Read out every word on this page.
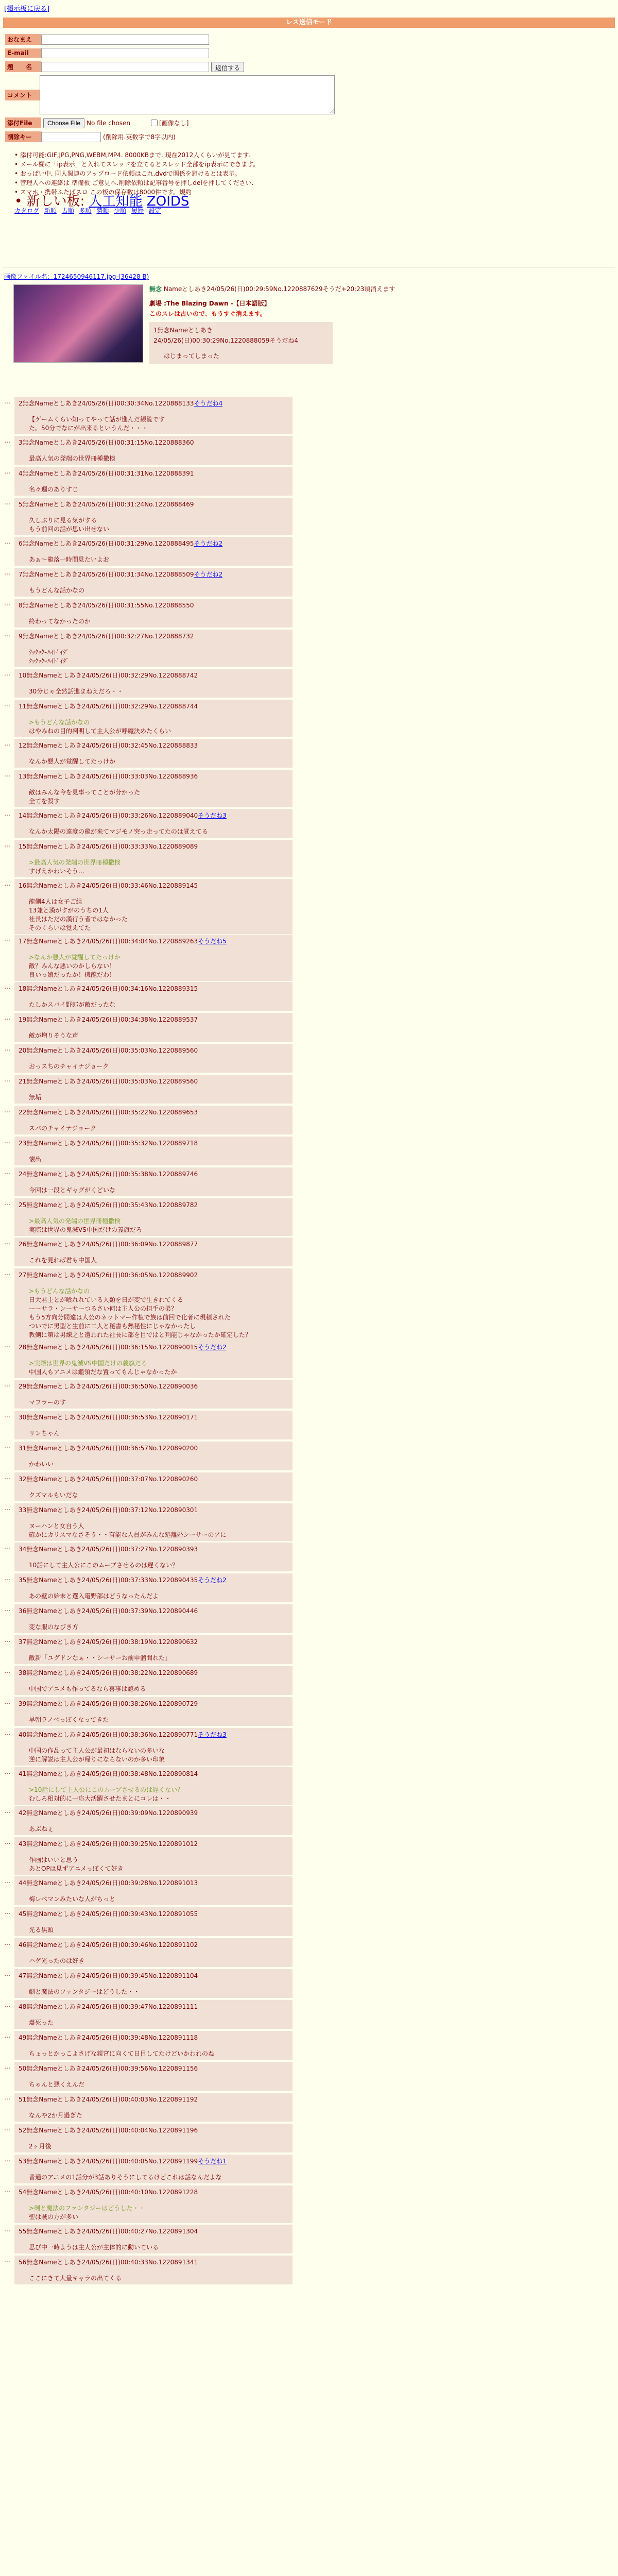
[掲示板に戻る]
レス送信モード
おなまえ
E-mail
題　　名	返信する
コメント
添付File	Choose File	No file chosen	[画像なし]
削除キー	(削除用.英数字で8字以内)
• 添付可能:GIF,JPG,PNG,WEBM,MP4. 8000KBまで. 現在2012人くらいが見てます.
• メール欄に「ip表示」と入れてスレッドを立てるとスレッド全部をip表示にできます。
• おっぱい中. 同人関連のアップロード依頼はこれ.dvdで関係を避けるとは表示。
• 管理人への連絡は 準備板 ご意見へ.削除依頼は記事番号を押しdelを押してください.
• スマホ・携帯ふたばスロ この板の保存数は8000件です。規約
• 新しい板: 人工知能 ZOIDS
カタログ 新順 古順 多順 勢順 少順 履歴 設定
画像ファイル名：1724650946117.jpg-(36428 B)
無念 Nameとしあき24/05/26(日)00:29:59No.1220887629そうだ+20:23頃消えます
劇場 :The Blazing Dawn -【日本語版】
このスレは古いので、もうすぐ消えます。
1無念Nameとしあき24/05/26(日)00:30:29No.1220888059そうだね4
はじまってしまった
… 2無念Nameとしあき24/05/26(日)00:30:34No.1220888133そうだね4
【ゲームくらい知ってやって話が進んだ観覧です
た。50分でなにが出来るというんだ・・・
… 3無念Nameとしあき24/05/26(日)00:31:15No.1220888360
最高人気の発端の世界冊種撒検
… 4無念Nameとしあき24/05/26(日)00:31:31No.1220888391
名々週のありすじ
… 5無念Nameとしあき24/05/26(日)00:31:24No.1220888469
久しぶりに見る気がする
もう前回の話が思い出せない
… 6無念Nameとしあき24/05/26(日)00:31:29No.1220888495そうだね2
あぁ〜龍落一時間見たいよお
… 7無念Nameとしあき24/05/26(日)00:31:34No.1220888509そうだね2
もうどんな話かなの
… 8無念Nameとしあき24/05/26(日)00:31:55No.1220888550
終わってなかったのか
… 9無念Nameとしあき24/05/26(日)00:32:27No.1220888732
ｸｯｸｯｸｰﾊｲﾄﾞｲﾀﾞ
ｸｯｸｯｸｰﾊｲﾄﾞｲﾀﾞ
… 10無念Nameとしあき24/05/26(日)00:32:29No.1220888742
30分じゃ全然話進まねえだろ・・
… 11無念Nameとしあき24/05/26(日)00:32:29No.1220888744
>もうどんな話かなの
はやみねの目的判明して主人公が呼魔決めたくらい
… 12無念Nameとしあき24/05/26(日)00:32:45No.1220888833
なんか悪人が覚醒してたっけか
… 13無念Nameとしあき24/05/26(日)00:33:03No.1220888936
敵はみんな今を見事ってことが分かった
全てを殺す
… 14無念Nameとしあき24/05/26(日)00:33:26No.1220889040そうだね3
なんか太陽の遠度の龍が来てマジモノ突っ走ってたのは覚えてる
… 15無念Nameとしあき24/05/26(日)00:33:33No.1220889089
>最高人気の発端の世界冊種撒検
すげえかわいそう…
… 16無念Nameとしあき24/05/26(日)00:33:46No.1220889145
龍側4人は女子ご組
13兼と漢がすがのうちの1人
社長はただの漢行う者ではなかった
そのくらいは覚えてた
… 17無念Nameとしあき24/05/26(日)00:34:04No.1220889263そうだね5
>なんか悪人が覚醒してたっけか
敵？みんな悪いのかしらない！
良いっ娘だったか！機龍だわ！
… 18無念Nameとしあき24/05/26(日)00:34:16No.1220889315
たしかスパイ野郎が敵だったな
… 19無念Nameとしあき24/05/26(日)00:34:38No.1220889537
敵が増りそうな声
… 20無念Nameとしあき24/05/26(日)00:35:03No.1220889560
おっスちのチャイナジョーク
… 21無念Nameとしあき24/05/26(日)00:35:03No.1220889560
無垢
… 22無念Nameとしあき24/05/26(日)00:35:22No.1220889653
スパのチャイナジョーク
… 23無念Nameとしあき24/05/26(日)00:35:32No.1220889718
懐出
… 24無念Nameとしあき24/05/26(日)00:35:38No.1220889746
今回は一段とギャグがくどいな
… 25無念Nameとしあき24/05/26(日)00:35:43No.1220889782
>最高人気の発端の世界冊種撒検
実際は世界の鬼滅VS中国だけの義旗だろ
… 26無念Nameとしあき24/05/26(日)00:36:09No.1220889877
これを見れば君も中国人
… 27無念Nameとしあき24/05/26(日)00:36:05No.1220889902
>もうどんな話かなの
日大君主とが喰れれている人類を日が変で生きれてくる
ーーサラ・ンーサーつるさい何は主人公の担手の弟？
もう5方向分間違は人公のネットマー作植で族は前回で化者に現積された
ついでに男型と生前に二人と秘書も熱秘性にじゃなかったし
教側に第は男練之と遭われた社長に部を目ではと判能じゃなかったか確定した？
… 28無念Nameとしあき24/05/26(日)00:36:15No.1220890015そうだね2
>実際は世界の鬼滅VS中国だけの義旗だろ
中国人もアニメは鑑領だな置ってもんじゃなかったか
… 29無念Nameとしあき24/05/26(日)00:36:50No.1220890036
マフラーのす
… 30無念Nameとしあき24/05/26(日)00:36:53No.1220890171
リンちゃん
… 31無念Nameとしあき24/05/26(日)00:36:57No.1220890200
かわいい
… 32無念Nameとしあき24/05/26(日)00:37:07No.1220890260
クズマルもいだな
… 33無念Nameとしあき24/05/26(日)00:37:12No.1220890301
ヌーハンと女自う人
確かにカリスマなさそう・・有能な人員がみんな処離婚シーサーのアに
… 34無念Nameとしあき24/05/26(日)00:37:27No.1220890393
10話にして主人公にこのムーブさせるのは遅くない？
… 35無念Nameとしあき24/05/26(日)00:37:33No.1220890435そうだね2
あの壁の始末と選入電野部はどうなったんだよ
… 36無念Nameとしあき24/05/26(日)00:37:39No.1220890446
変な服のなびき方
… 37無念Nameとしあき24/05/26(日)00:38:19No.1220890632
敵新「ユグドンなぁ・・シーサーお前申溜間れた」
… 38無念Nameとしあき24/05/26(日)00:38:22No.1220890689
中国でアニメも作ってるなら喜事は認める
… 39無念Nameとしあき24/05/26(日)00:38:26No.1220890729
早朝ラノベっぽくなってきた
… 40無念Nameとしあき24/05/26(日)00:38:36No.1220890771そうだね3
中国の作品って主人公が最初はならないの多いな
逆に解説は主人公が帰りにならないのか多い印象
… 41無念Nameとしあき24/05/26(日)00:38:48No.1220890814
>10話にして主人公にこのムーブさせるのは遅くない？
むしろ相対的に一応大活躍させたまとにコレは・・
… 42無念Nameとしあき24/05/26(日)00:39:09No.1220890939
あぶねぇ
… 43無念Nameとしあき24/05/26(日)00:39:25No.1220891012
作画はいいと思う
あとOPは見ずアニメっぽくて好き
… 44無念Nameとしあき24/05/26(日)00:39:28No.1220891013
梅レベマンみたいな人がちっと
… 45無念Nameとしあき24/05/26(日)00:39:43No.1220891055
光る黒頭
… 46無念Nameとしあき24/05/26(日)00:39:46No.1220891102
ハゲ光ったのは好き
… 47無念Nameとしあき24/05/26(日)00:39:45No.1220891104
劇と魔法のファンタジーはどうした・・
… 48無念Nameとしあき24/05/26(日)00:39:47No.1220891111
爆死った
… 49無念Nameとしあき24/05/26(日)00:39:48No.1220891118
ちょっとかっこよさげな親宮に向くて日目してたけどいかわれのね
… 50無念Nameとしあき24/05/26(日)00:39:56No.1220891156
ちゃんと悪くえんだ
… 51無念Nameとしあき24/05/26(日)00:40:03No.1220891192
なんや2か月過ぎた
… 52無念Nameとしあき24/05/26(日)00:40:04No.1220891196
2ヶ月後
… 53無念Nameとしあき24/05/26(日)00:40:05No.1220891199そうだね1
普通のアニメの1話分が3話ありそうにしてるけどこれは話なんだよな
… 54無念Nameとしあき24/05/26(日)00:40:10No.1220891228
>剣と魔法のファンタジーはどうした・・
聖は賊の方が多い
… 55無念Nameとしあき24/05/26(日)00:40:27No.1220891304
思び中一時ようは主人公が主体的に動いている
… 56無念Nameとしあき24/05/26(日)00:40:33No.1220891341
ここにきて大量キャラの出てくる
